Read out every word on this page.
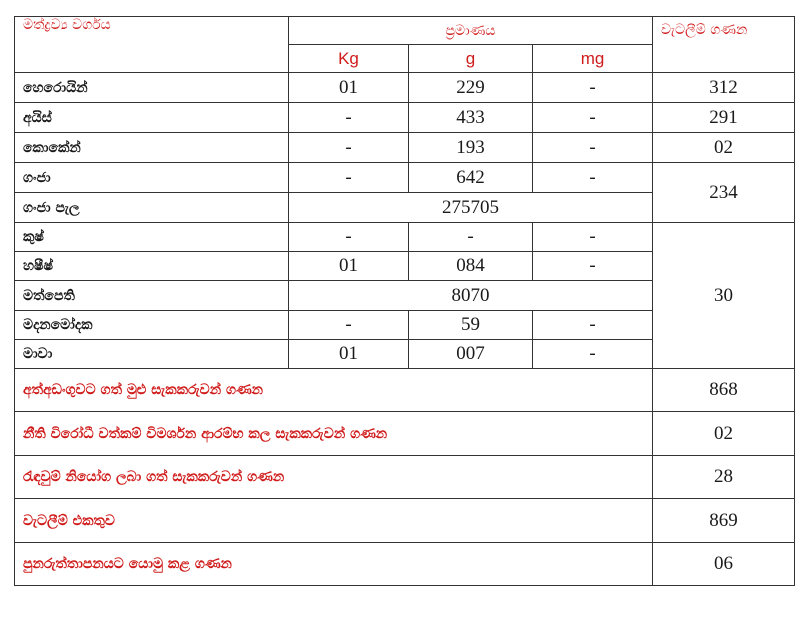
මත්ද්‍රව්‍ය වර්ගය	ප්‍රමාණය			වැටලීම් ගණන
	Kg	g	mg	
හෙරොයින්	01	229	-	312
අයිස්	-	433	-	291
කොකේන්	-	193	-	02
ගංජා	-	642	-	234
ගංජා පැල	275705			
කුෂ්	-	-	-	30
හෂීෂ්	01	084	-	
මත්පෙති	8070			
මදනමෝදක	-	59	-	
මාවා	01	007	-	
අත්අඩංගුවට ගත් මුළු සැකකරුවන් ගණන				868
නීති විරෝධී වත්කම් විමර්ශන ආරම්භ කල සැකකරුවන් ගණන				02
රැඳවුම් නියෝග ලබා ගත් සැකකරුවන් ගණන				28
වැටලීම් එකතුව				869
පුනරුත්තාපනයට යොමු කළ ගණන				06
